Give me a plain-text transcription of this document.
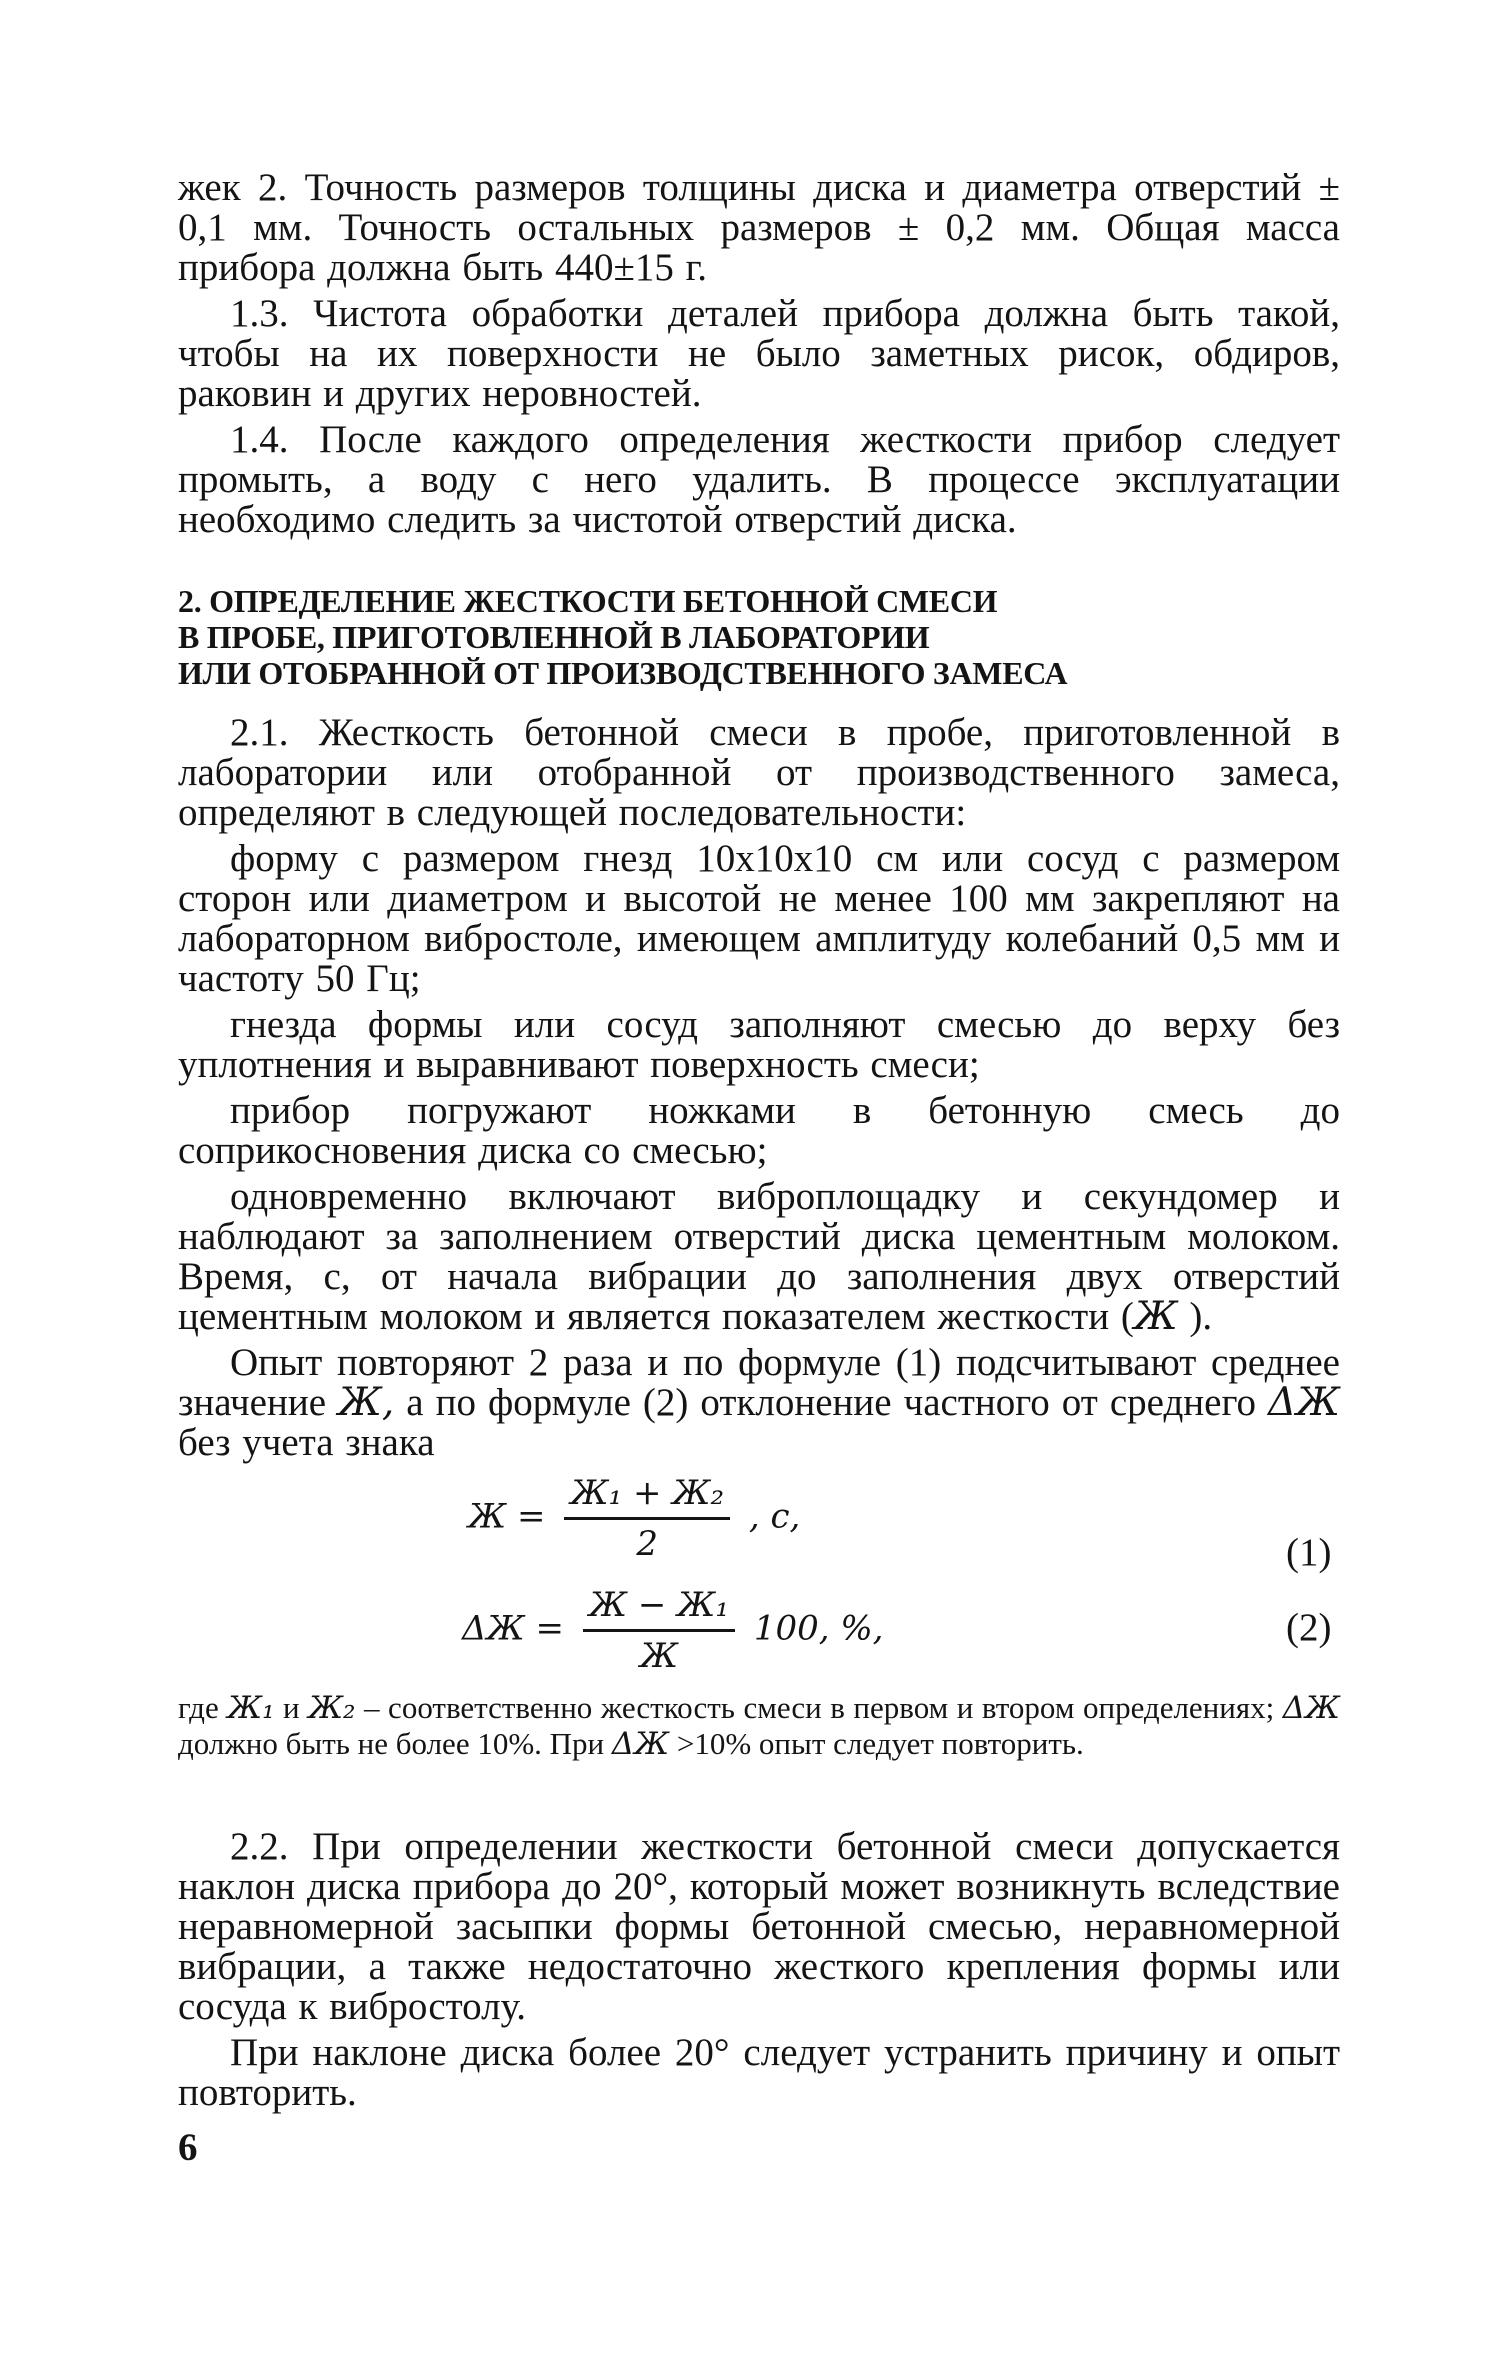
жек 2. Точность размеров толщины диска и диаметра отверстий ± 0,1 мм. Точность остальных размеров ± 0,2 мм. Общая масса прибора должна быть 440±15 г.

1.3. Чистота обработки деталей прибора должна быть такой, чтобы на их поверхности не было заметных рисок, обдиров, раковин и других неровностей.

1.4. После каждого определения жесткости прибор следует промыть, а воду с него удалить. В процессе эксплуатации необходимо следить за чистотой отверстий диска.

2. ОПРЕДЕЛЕНИЕ ЖЕСТКОСТИ БЕТОННОЙ СМЕСИ
В ПРОБЕ, ПРИГОТОВЛЕННОЙ В ЛАБОРАТОРИИ
ИЛИ ОТОБРАННОЙ ОТ ПРОИЗВОДСТВЕННОГО ЗАМЕСА

2.1. Жесткость бетонной смеси в пробе, приготовленной в лаборатории или отобранной от производственного замеса, определяют в следующей последовательности:

форму с размером гнезд 10x10x10 см или сосуд с размером сторон или диаметром и высотой не менее 100 мм закрепляют на лабораторном вибростоле, имеющем амплитуду колебаний 0,5 мм и частоту 50 Гц;

гнезда формы или сосуд заполняют смесью до верху без уплотнения и выравнивают поверхность смеси;

прибор погружают ножками в бетонную смесь до соприкосновения диска со смесью;

одновременно включают виброплощадку и секундомер и наблюдают за заполнением отверстий диска цементным молоком. Время, с, от начала вибрации до заполнения двух отверстий цементным молоком и является показателем жесткости (Ж ).

Опыт повторяют 2 раза и по формуле (1) подсчитывают среднее значение Ж, а по формуле (2) отклонение частного от среднего ΔЖ без учета знака

$Ж = \frac{\text{Ж₁ + Ж₂}}{2}$ , с,
(1)
$\Delta Ж = \frac{\text{Ж − Ж₁}}{Ж} 100$, %,	(2)
где Ж₁ и Ж₂ – соответственно жесткость смеси в первом и втором определениях; ΔЖ должно быть не более 10%. При ΔЖ >10% опыт следует повторить.

2.2. При определении жесткости бетонной смеси допускается наклон диска прибора до 20°, который может возникнуть вследствие неравномерной засыпки формы бетонной смесью, неравномерной вибрации, а также недостаточно жесткого крепления формы или сосуда к вибростолу.

При наклоне диска более 20° следует устранить причину и опыт повторить.

6
